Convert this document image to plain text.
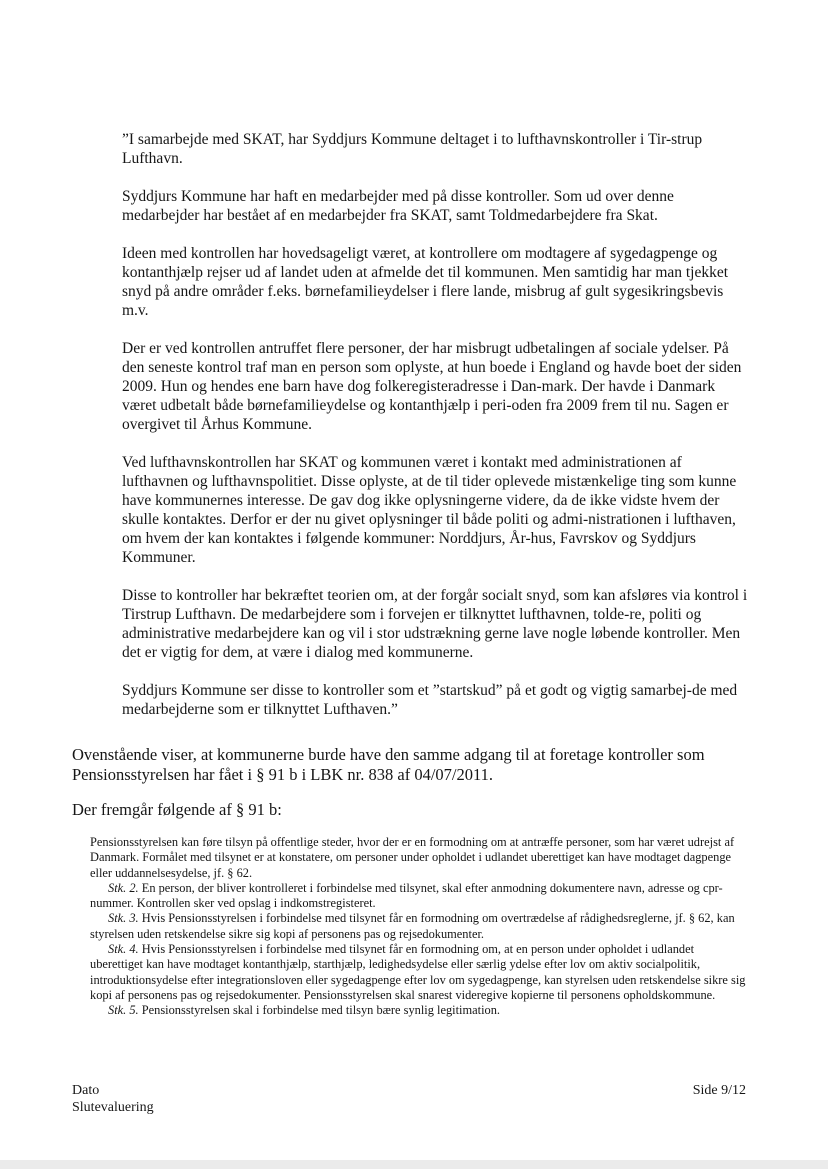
”I samarbejde med SKAT, har Syddjurs Kommune deltaget i to lufthavnskontroller i Tir-strup Lufthavn.

Syddjurs Kommune har haft en medarbejder med på disse kontroller. Som ud over denne medarbejder har bestået af en medarbejder fra SKAT, samt Toldmedarbejdere fra Skat.

Ideen med kontrollen har hovedsageligt været, at kontrollere om modtagere af sygedagpenge og kontanthjælp rejser ud af landet uden at afmelde det til kommunen. Men samtidig har man tjekket snyd på andre områder f.eks. børnefamilieydelser i flere lande, misbrug af gult sygesikringsbevis m.v.

Der er ved kontrollen antruffet flere personer, der har misbrugt udbetalingen af sociale ydelser. På den seneste kontrol traf man en person som oplyste, at hun boede i England og havde boet der siden 2009. Hun og hendes ene barn have dog folkeregisteradresse i Dan-mark. Der havde i Danmark været udbetalt både børnefamilieydelse og kontanthjælp i peri-oden fra 2009 frem til nu. Sagen er overgivet til Århus Kommune.

Ved lufthavnskontrollen har SKAT og kommunen været i kontakt med administrationen af lufthavnen og lufthavnspolitiet. Disse oplyste, at de til tider oplevede mistænkelige ting som kunne have kommunernes interesse. De gav dog ikke oplysningerne videre, da de ikke vidste hvem der skulle kontaktes. Derfor er der nu givet oplysninger til både politi og admi-nistrationen i lufthaven, om hvem der kan kontaktes i følgende kommuner: Norddjurs, År-hus, Favrskov og Syddjurs Kommuner.

Disse to kontroller har bekræftet teorien om, at der forgår socialt snyd, som kan afsløres via kontrol i Tirstrup Lufthavn. De medarbejdere som i forvejen er tilknyttet lufthavnen, tolde-re, politi og administrative medarbejdere kan og vil i stor udstrækning gerne lave nogle løbende kontroller. Men det er vigtig for dem, at være i dialog med kommunerne.

Syddjurs Kommune ser disse to kontroller som et ”startskud” på et godt og vigtig samarbej-de med medarbejderne som er tilknyttet Lufthaven.”

Ovenstående viser, at kommunerne burde have den samme adgang til at foretage kontroller som Pensionsstyrelsen har fået i § 91 b i LBK nr. 838 af 04/07/2011.

Der fremgår følgende af § 91 b:

Pensionsstyrelsen kan føre tilsyn på offentlige steder, hvor der er en formodning om at antræffe personer, som har været udrejst af Danmark. Formålet med tilsynet er at konstatere, om personer under opholdet i udlandet uberettiget kan have modtaget dagpenge eller uddannelsesydelse, jf. § 62.

Stk. 2. En person, der bliver kontrolleret i forbindelse med tilsynet, skal efter anmodning dokumentere navn, adresse og cpr-nummer. Kontrollen sker ved opslag i indkomstregisteret.

Stk. 3. Hvis Pensionsstyrelsen i forbindelse med tilsynet får en formodning om overtrædelse af rådighedsreglerne, jf. § 62, kan styrelsen uden retskendelse sikre sig kopi af personens pas og rejsedokumenter.

Stk. 4. Hvis Pensionsstyrelsen i forbindelse med tilsynet får en formodning om, at en person under opholdet i udlandet uberettiget kan have modtaget kontanthjælp, starthjælp, ledighedsydelse eller særlig ydelse efter lov om aktiv socialpolitik, introduktionsydelse efter integrationsloven eller sygedagpenge efter lov om sygedagpenge, kan styrelsen uden retskendelse sikre sig kopi af personens pas og rejsedokumenter. Pensionsstyrelsen skal snarest videregive kopierne til personens opholdskommune.

Stk. 5. Pensionsstyrelsen skal i forbindelse med tilsyn bære synlig legitimation.

Dato

Slutevaluering

Side 9/12
